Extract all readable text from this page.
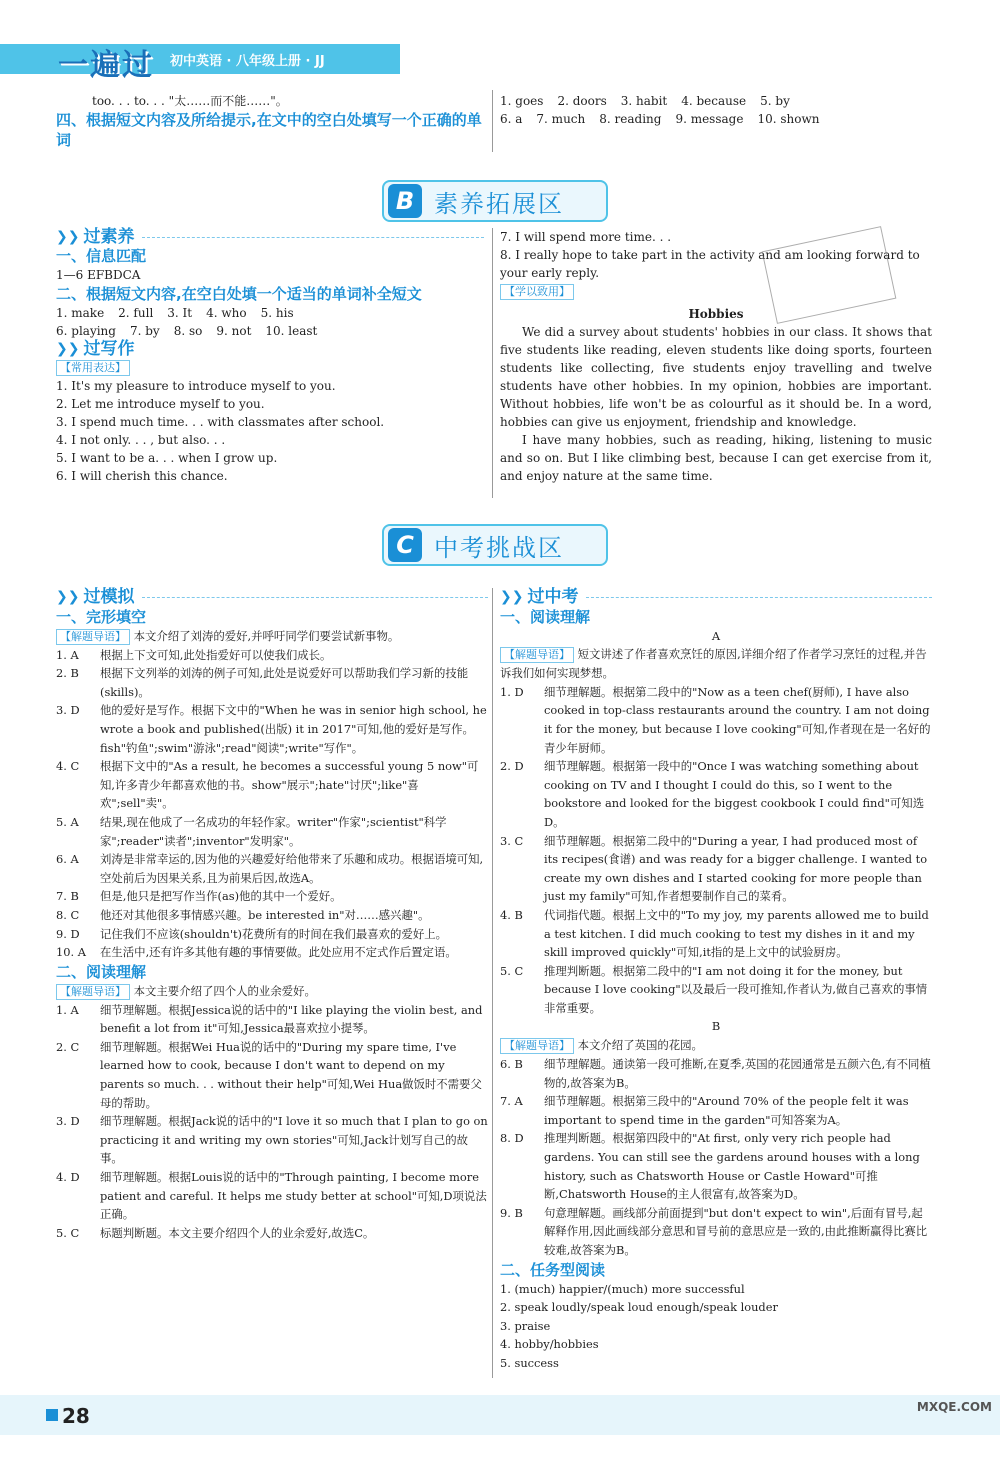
一遍过 初中英语 · 八年级上册 · JJ

too. . . to. . . "太……而不能……"。

四、根据短文内容及所给提示,在文中的空白处填写一个正确的单词

1. goes 2. doors 3. habit 4. because 5. by
6. a 7. much 8. reading 9. message 10. shown
B 素养拓展区
❯❯ 过素养

一、信息匹配

1—6 EFBDCA

二、根据短文内容,在空白处填一个适当的单词补全短文

1. make 2. full 3. It 4. who 5. his
6. playing 7. by 8. so 9. not 10. least
❯❯ 过写作
【常用表达】

1. It's my pleasure to introduce myself to you.

2. Let me introduce myself to you.

3. I spend much time. . . with classmates after school.

4. I not only. . . , but also. . .

5. I want to be a. . . when I grow up.

6. I will cherish this chance.

7. I will spend more time. . .

8. I really hope to take part in the activity and am looking forward to your early reply.

【学以致用】

Hobbies

We did a survey about students' hobbies in our class. It shows that five students like reading, eleven students like doing sports, fourteen students like collecting, five students enjoy travelling and twelve students have other hobbies. In my opinion, hobbies are important. Without hobbies, life won't be as colourful as it should be. In a word, hobbies can give us enjoyment, friendship and knowledge.

I have many hobbies, such as reading, hiking, listening to music and so on. But I like climbing best, because I can get exercise from it, and enjoy nature at the same time.

C 中考挑战区
❯❯ 过模拟

一、完形填空

【解题导语】 本文介绍了刘涛的爱好,并呼吁同学们要尝试新事物。

1. A	根据上下文可知,此处指爱好可以使我们成长。
2. B	根据下文列举的刘涛的例子可知,此处是说爱好可以帮助我们学习新的技能(skills)。
3. D	他的爱好是写作。根据下文中的"When he was in senior high school, he wrote a book and published(出版) it in 2017"可知,他的爱好是写作。fish"钓鱼";swim"游泳";read"阅读";write"写作"。
4. C	根据下文中的"As a result, he becomes a successful young 5 now"可知,许多青少年都喜欢他的书。show"展示";hate"讨厌";like"喜欢";sell"卖"。
5. A	结果,现在他成了一名成功的年轻作家。writer"作家";scientist"科学家";reader"读者";inventor"发明家"。
6. A	刘涛是非常幸运的,因为他的兴趣爱好给他带来了乐趣和成功。根据语境可知,空处前后为因果关系,且为前果后因,故选A。
7. B	但是,他只是把写作当作(as)他的其中一个爱好。
8. C	他还对其他很多事情感兴趣。be interested in"对……感兴趣"。
9. D	记住我们不应该(shouldn't)花费所有的时间在我们最喜欢的爱好上。
10. A	在生活中,还有许多其他有趣的事情要做。此处应用不定式作后置定语。

二、阅读理解

【解题导语】 本文主要介绍了四个人的业余爱好。

1. A	细节理解题。根据Jessica说的话中的"I like playing the violin best, and benefit a lot from it"可知,Jessica最喜欢拉小提琴。
2. C	细节理解题。根据Wei Hua说的话中的"During my spare time, I've learned how to cook, because I don't want to depend on my parents so much. . . without their help"可知,Wei Hua做饭时不需要父母的帮助。
3. D	细节理解题。根据Jack说的话中的"I love it so much that I plan to go on practicing it and writing my own stories"可知,Jack计划写自己的故事。
4. D	细节理解题。根据Louis说的话中的"Through painting, I become more patient and careful. It helps me study better at school"可知,D项说法正确。
5. C	标题判断题。本文主要介绍四个人的业余爱好,故选C。
❯❯ 过中考

一、阅读理解

A

【解题导语】 短文讲述了作者喜欢烹饪的原因,详细介绍了作者学习烹饪的过程,并告诉我们如何实现梦想。

1. D	细节理解题。根据第二段中的"Now as a teen chef(厨师), I have also cooked in top-class restaurants around the country. I am not doing it for the money, but because I love cooking"可知,作者现在是一名好的青少年厨师。
2. D	细节理解题。根据第一段中的"Once I was watching something about cooking on TV and I thought I could do this, so I went to the bookstore and looked for the biggest cookbook I could find"可知选D。
3. C	细节理解题。根据第二段中的"During a year, I had produced most of its recipes(食谱) and was ready for a bigger challenge. I wanted to create my own dishes and I started cooking for more people than just my family"可知,作者想要制作自己的菜肴。
4. B	代词指代题。根据上文中的"To my joy, my parents allowed me to build a test kitchen. I did much cooking to test my dishes in it and my skill improved quickly"可知,it指的是上文中的试验厨房。
5. C	推理判断题。根据第二段中的"I am not doing it for the money, but because I love cooking"以及最后一段可推知,作者认为,做自己喜欢的事情非常重要。

B

【解题导语】 本文介绍了英国的花园。

6. B	细节理解题。通读第一段可推断,在夏季,英国的花园通常是五颜六色,有不同植物的,故答案为B。
7. A	细节理解题。根据第三段中的"Around 70% of the people felt it was important to spend time in the garden"可知答案为A。
8. D	推理判断题。根据第四段中的"At first, only very rich people had gardens. You can still see the gardens around houses with a long history, such as Chatsworth House or Castle Howard"可推断,Chatsworth House的主人很富有,故答案为D。
9. B	句意理解题。画线部分前面提到"but don't expect to win",后面有冒号,起解释作用,因此画线部分意思和冒号前的意思应是一致的,由此推断赢得比赛比较难,故答案为B。

二、任务型阅读

1. (much) happier/(much) more successful

2. speak loudly/speak loud enough/speak louder

3. praise

4. hobby/hobbies

5. success

28	MXQE.COM
